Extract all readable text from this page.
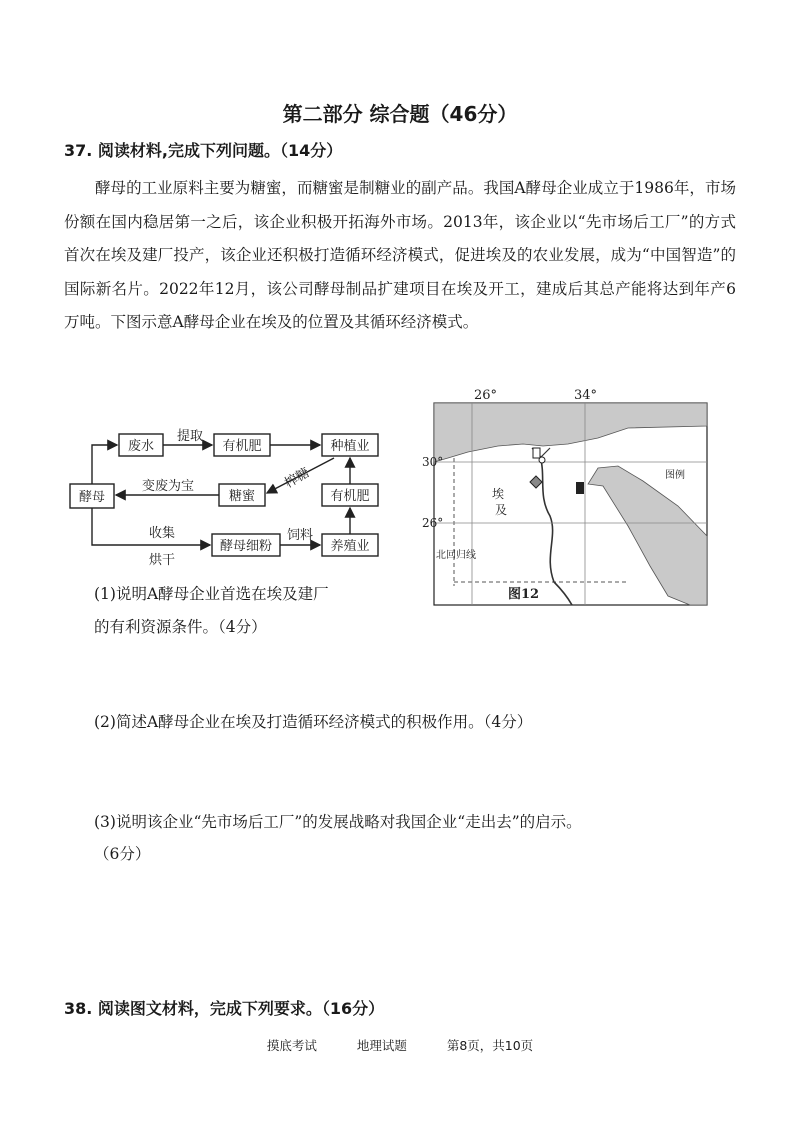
第二部分 综合题（46分）
37. 阅读材料,完成下列问题。（14分）
酵母的工业原料主要为糖蜜，而糖蜜是制糖业的副产品。我国A酵母企业成立于1986年，市场份额在国内稳居第一之后，该企业积极开拓海外市场。2013年，该企业以“先市场后工厂”的方式首次在埃及建厂投产，该企业还积极打造循环经济模式，促进埃及的农业发展，成为“中国智造”的国际新名片。2022年12月，该公司酵母制品扩建项目在埃及开工，建成后其总产能将达到年产6万吨。下图示意A酵母企业在埃及的位置及其循环经济模式。
废水	有机肥	种植业
酵母	糖蜜	有机肥
酵母细粉	养殖业
提取
变废为宝	榨糖
收集
烘干
饲料
26°	34°
30°
26°
埃
及
北回归线
图例
图12
(1)说明A酵母企业首选在埃及建厂
的有利资源条件。（4分）
(2)简述A酵母企业在埃及打造循环经济模式的积极作用。（4分）
(3)说明该企业“先市场后工厂”的发展战略对我国企业“走出去”的启示。
（6分）
38. 阅读图文材料，完成下列要求。（16分）
摸底考试	地理试题	第8页，共10页
